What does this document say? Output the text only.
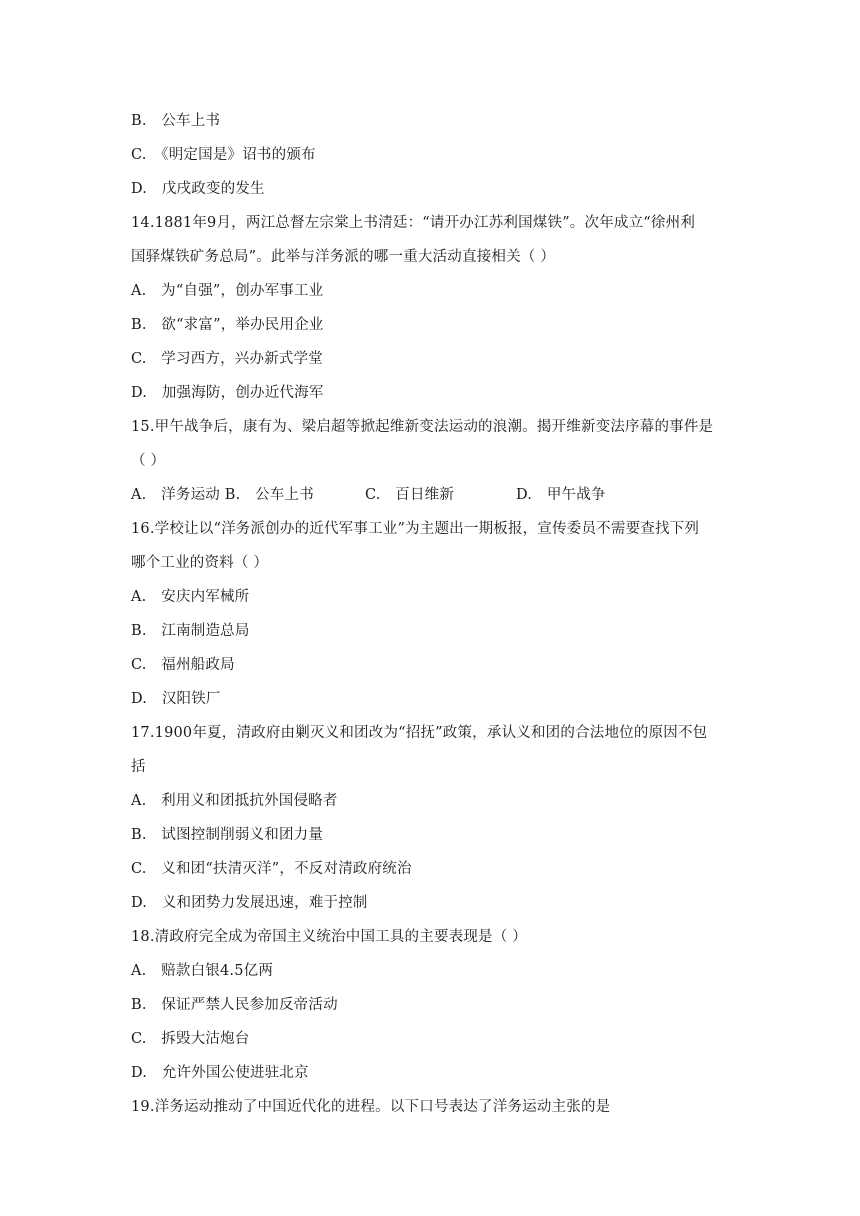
B.　公车上书
C.　《明定国是》诏书的颁布
D.　戊戌政变的发生
14.1881年9月，两江总督左宗棠上书清廷：“请开办江苏利国煤铁”。次年成立“徐州利
国驿煤铁矿务总局”。此举与洋务派的哪一重大活动直接相关（ ）
A.　为“自强”，创办军事工业
B.　欲“求富”，举办民用企业
C.　学习西方，兴办新式学堂
D.　加强海防，创办近代海军
15.甲午战争后，康有为、梁启超等掀起维新变法运动的浪潮。揭开维新变法序幕的事件是
（ ）
A.　洋务运动 B.　公车上书	C.　百日维新	D.　甲午战争
16.学校让以“洋务派创办的近代军事工业”为主题出一期板报，宣传委员不需要查找下列
哪个工业的资料（ ）
A.　安庆内军械所
B.　江南制造总局
C.　福州船政局
D.　汉阳铁厂
17.1900年夏，清政府由剿灭义和团改为“招抚”政策，承认义和团的合法地位的原因不包
括
A.　利用义和团抵抗外国侵略者
B.　试图控制削弱义和团力量
C.　义和团“扶清灭洋”，不反对清政府统治
D.　义和团势力发展迅速，难于控制
18.清政府完全成为帝国主义统治中国工具的主要表现是（ ）
A.　赔款白银4.5亿两
B.　保证严禁人民参加反帝活动
C.　拆毁大沽炮台
D.　允许外国公使进驻北京
19.洋务运动推动了中国近代化的进程。以下口号表达了洋务运动主张的是
